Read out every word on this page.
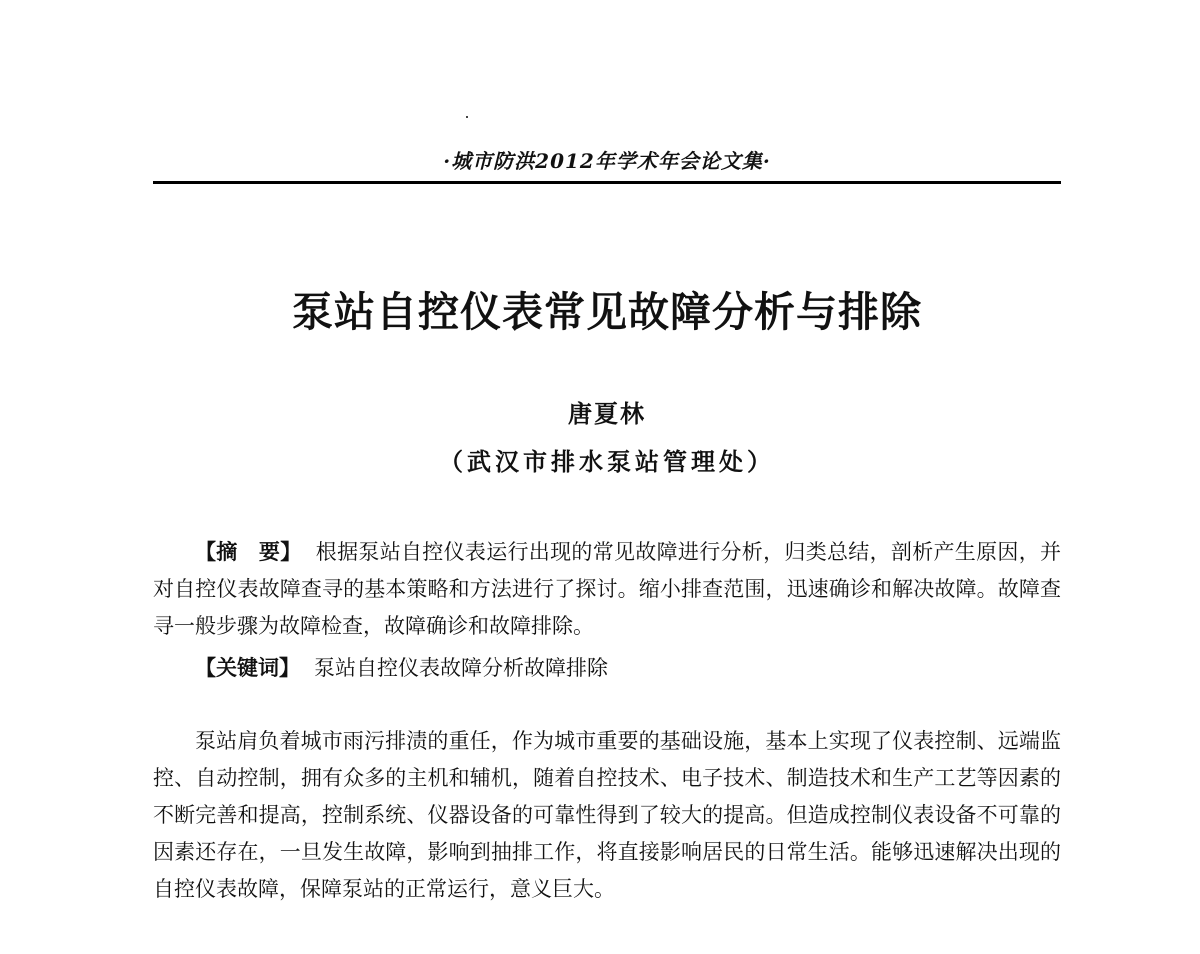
·城市防洪2012年学术年会论文集·
泵站自控仪表常见故障分析与排除
唐夏林
（武汉市排水泵站管理处）
【摘　要】 根据泵站自控仪表运行出现的常见故障进行分析，归类总结，剖析产生原因，并对自控仪表故障查寻的基本策略和方法进行了探讨。缩小排查范围，迅速确诊和解决故障。故障查寻一般步骤为故障检查，故障确诊和故障排除。
【关键词】 泵站自控仪表故障分析故障排除
泵站肩负着城市雨污排渍的重任，作为城市重要的基础设施，基本上实现了仪表控制、远端监控、自动控制，拥有众多的主机和辅机，随着自控技术、电子技术、制造技术和生产工艺等因素的不断完善和提高，控制系统、仪器设备的可靠性得到了较大的提高。但造成控制仪表设备不可靠的因素还存在，一旦发生故障，影响到抽排工作，将直接影响居民的日常生活。能够迅速解决出现的自控仪表故障，保障泵站的正常运行，意义巨大。
